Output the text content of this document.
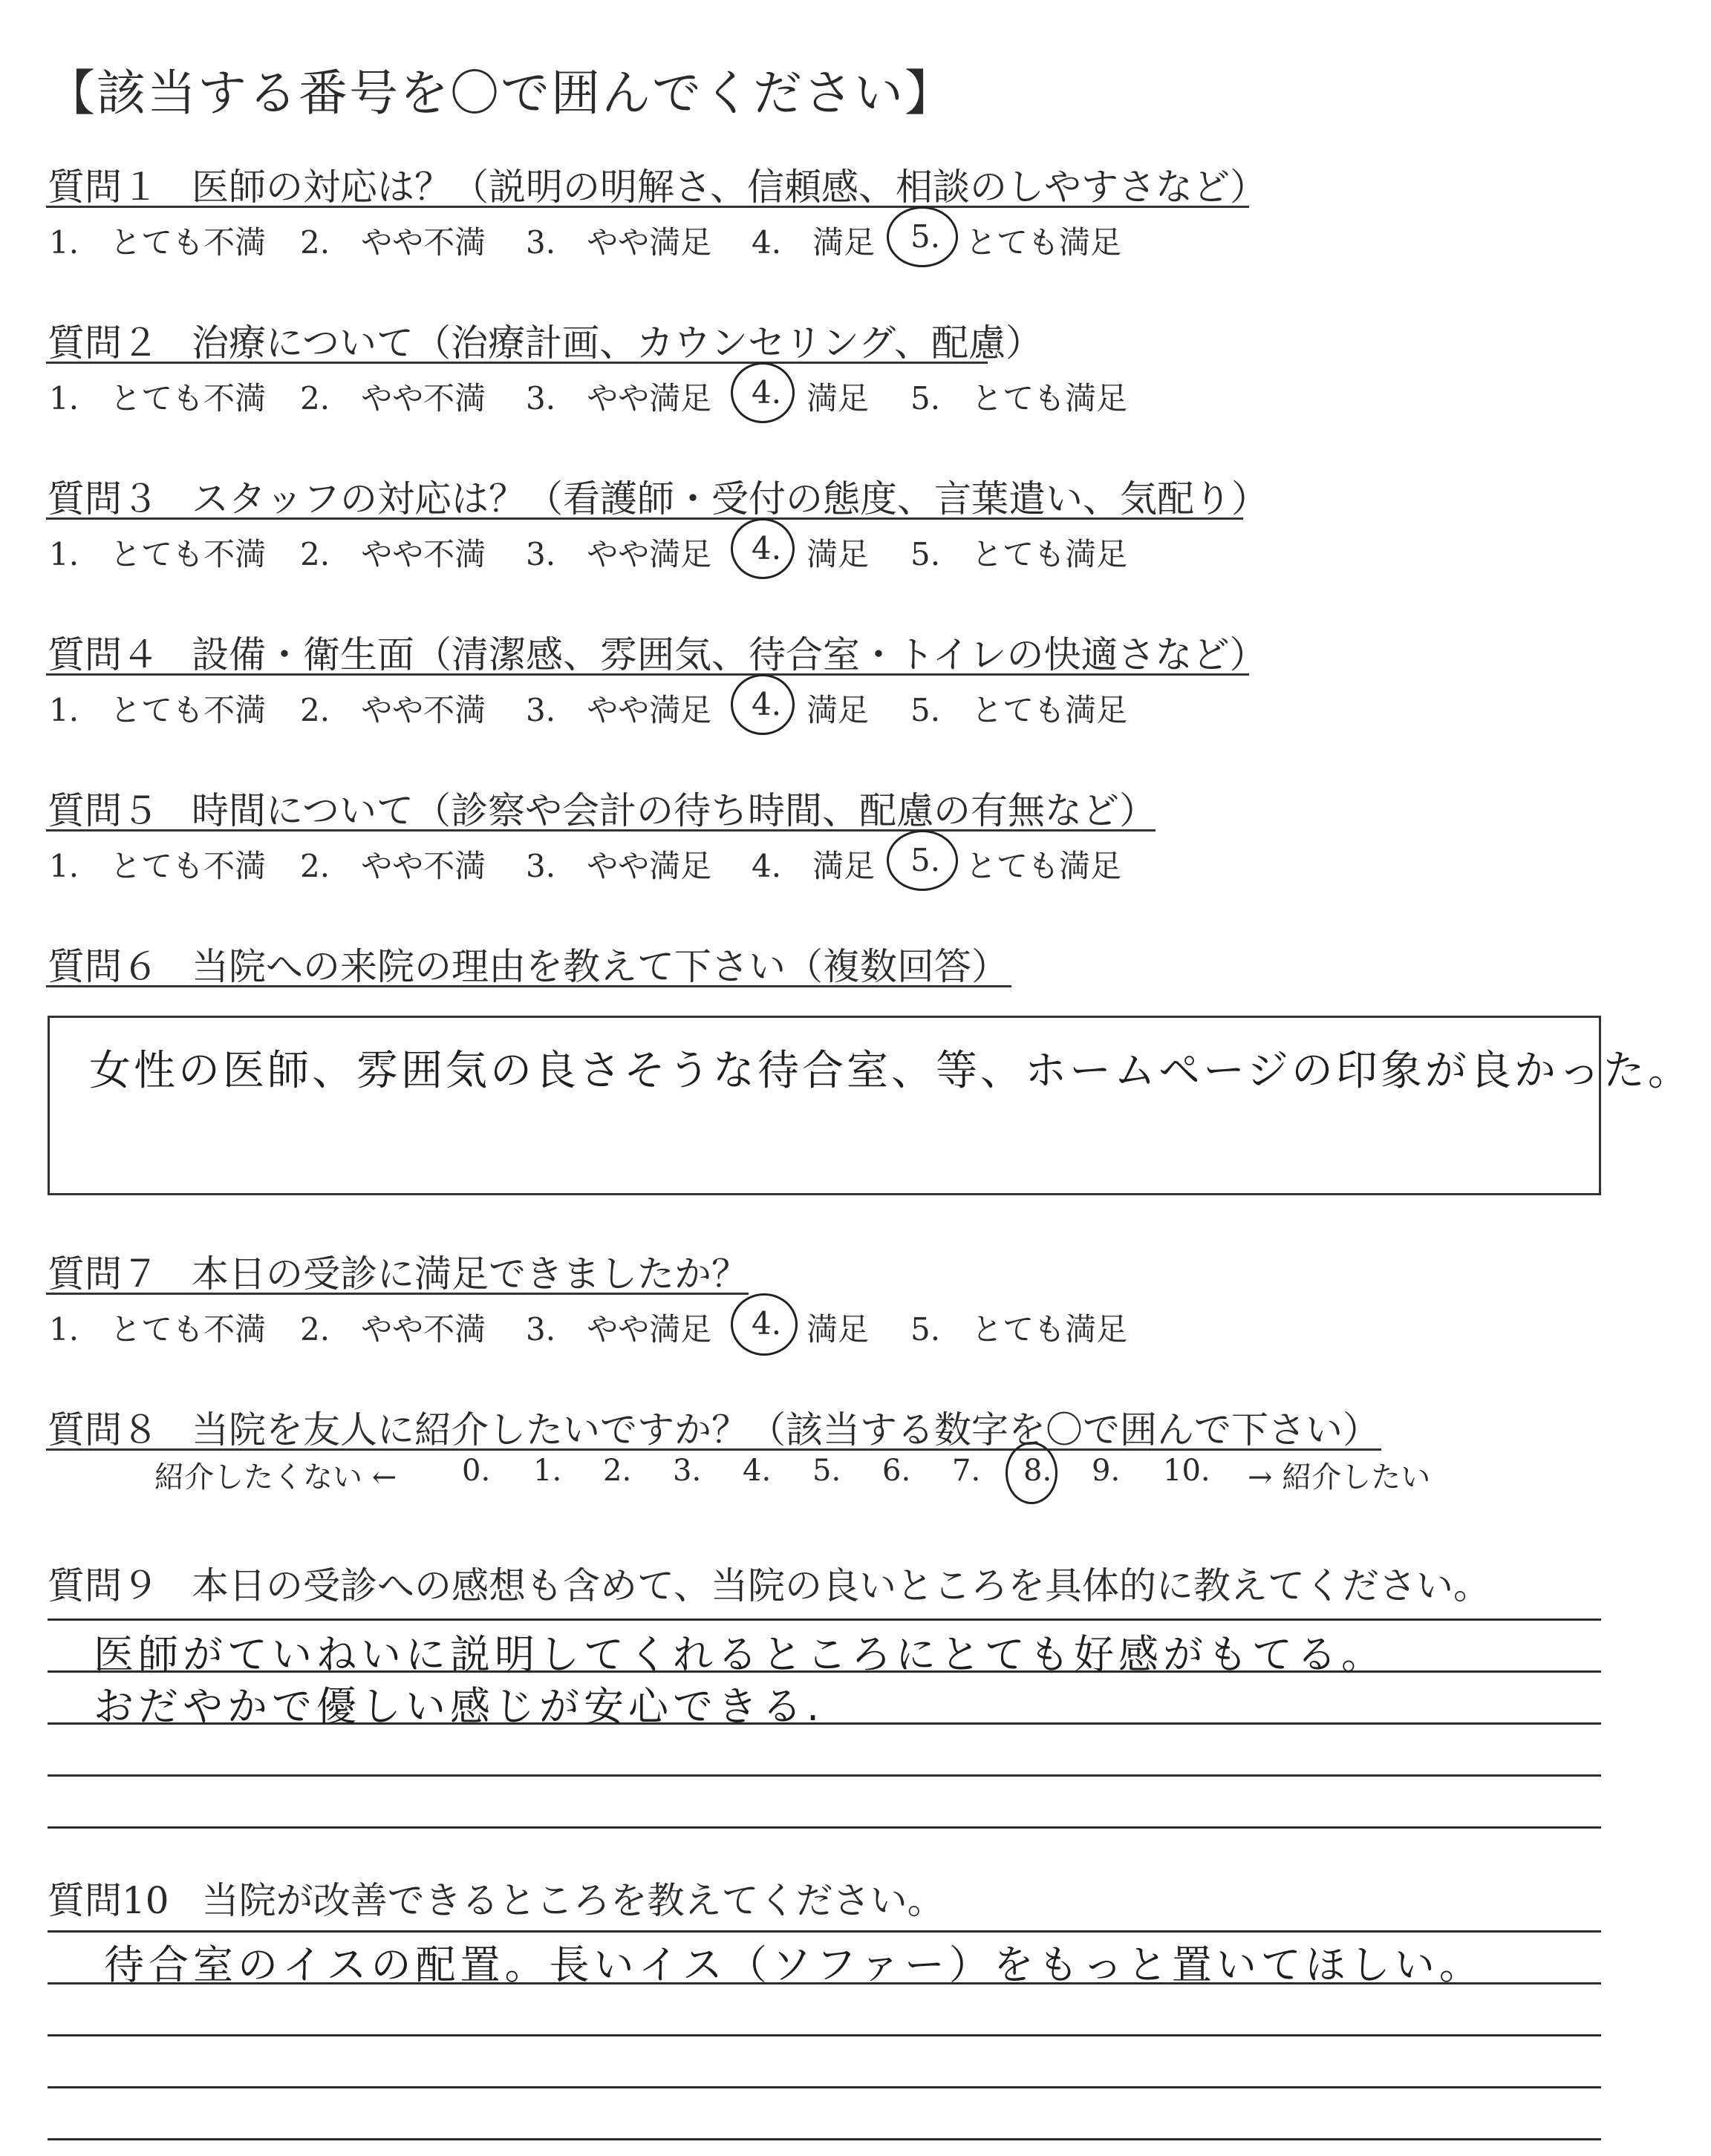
【該当する番号を〇で囲んでください】
質問１ 医師の対応は？（説明の明解さ、信頼感、相談のしやすさなど）
1.　とても不満 2.　やや不満 3.　やや満足 4.　満足 5. とても満足
質問２ 治療について（治療計画、カウンセリング、配慮）
1.　とても不満 2.　やや不満 3.　やや満足 4. 満足 5.　とても満足
質問３ スタッフの対応は？（看護師・受付の態度、言葉遣い、気配り）
1.　とても不満 2.　やや不満 3.　やや満足 4. 満足 5.　とても満足
質問４ 設備・衛生面（清潔感、雰囲気、待合室・トイレの快適さなど）
1.　とても不満 2.　やや不満 3.　やや満足 4. 満足 5.　とても満足
質問５ 時間について（診察や会計の待ち時間、配慮の有無など）
1.　とても不満 2.　やや不満 3.　やや満足 4.　満足 5. とても満足
質問６ 当院への来院の理由を教えて下さい（複数回答）
女性の医師、雰囲気の良さそうな待合室、等、ホームページの印象が良かった。
質問７ 本日の受診に満足できましたか？
1.　とても不満 2.　やや不満 3.　やや満足 4. 満足 5.　とても満足
質問８ 当院を友人に紹介したいですか？（該当する数字を〇で囲んで下さい）
紹介したくない ← 0. 1. 2. 3. 4. 5. 6. 7. 8. 9. 10. → 紹介したい
質問９ 本日の受診への感想も含めて、当院の良いところを具体的に教えてください。
医師がていねいに説明してくれるところにとても好感がもてる。
おだやかで優しい感じが安心できる.
質問10 当院が改善できるところを教えてください。
待合室のイスの配置。長いイス（ソファー）をもっと置いてほしい。
